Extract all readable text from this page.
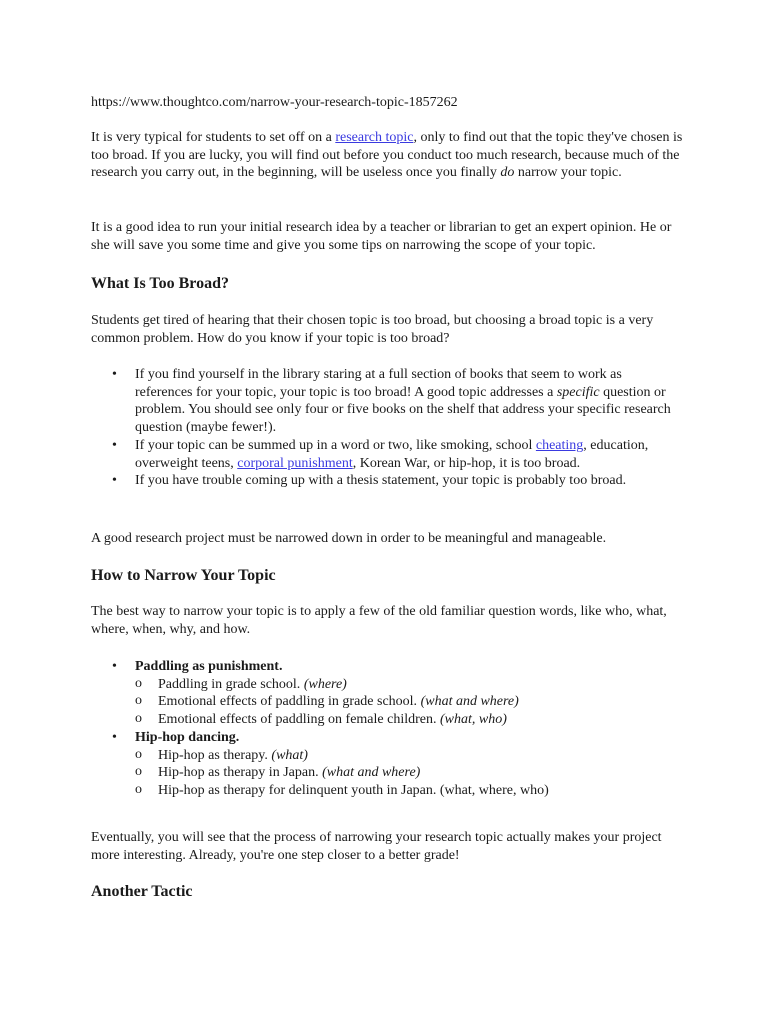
https://www.thoughtco.com/narrow-your-research-topic-1857262

It is very typical for students to set off on a research topic, only to find out that the topic they've chosen is too broad. If you are lucky, you will find out before you conduct too much research, because much of the research you carry out, in the beginning, will be useless once you finally do narrow your topic.

It is a good idea to run your initial research idea by a teacher or librarian to get an expert opinion. He or she will save you some time and give you some tips on narrowing the scope of your topic.

What Is Too Broad?

Students get tired of hearing that their chosen topic is too broad, but choosing a broad topic is a very common problem. How do you know if your topic is too broad?

• If you find yourself in the library staring at a full section of books that seem to work as references for your topic, your topic is too broad! A good topic addresses a specific question or problem. You should see only four or five books on the shelf that address your specific research question (maybe fewer!).
• If your topic can be summed up in a word or two, like smoking, school cheating, education, overweight teens, corporal punishment, Korean War, or hip-hop, it is too broad.
• If you have trouble coming up with a thesis statement, your topic is probably too broad.

A good research project must be narrowed down in order to be meaningful and manageable.

How to Narrow Your Topic

The best way to narrow your topic is to apply a few of the old familiar question words, like who, what, where, when, why, and how.

• Paddling as punishment.
o Paddling in grade school. (where)
o Emotional effects of paddling in grade school. (what and where)
o Emotional effects of paddling on female children. (what, who)
• Hip-hop dancing.
o Hip-hop as therapy. (what)
o Hip-hop as therapy in Japan. (what and where)
o Hip-hop as therapy for delinquent youth in Japan. (what, where, who)

Eventually, you will see that the process of narrowing your research topic actually makes your project more interesting. Already, you're one step closer to a better grade!

Another Tactic
